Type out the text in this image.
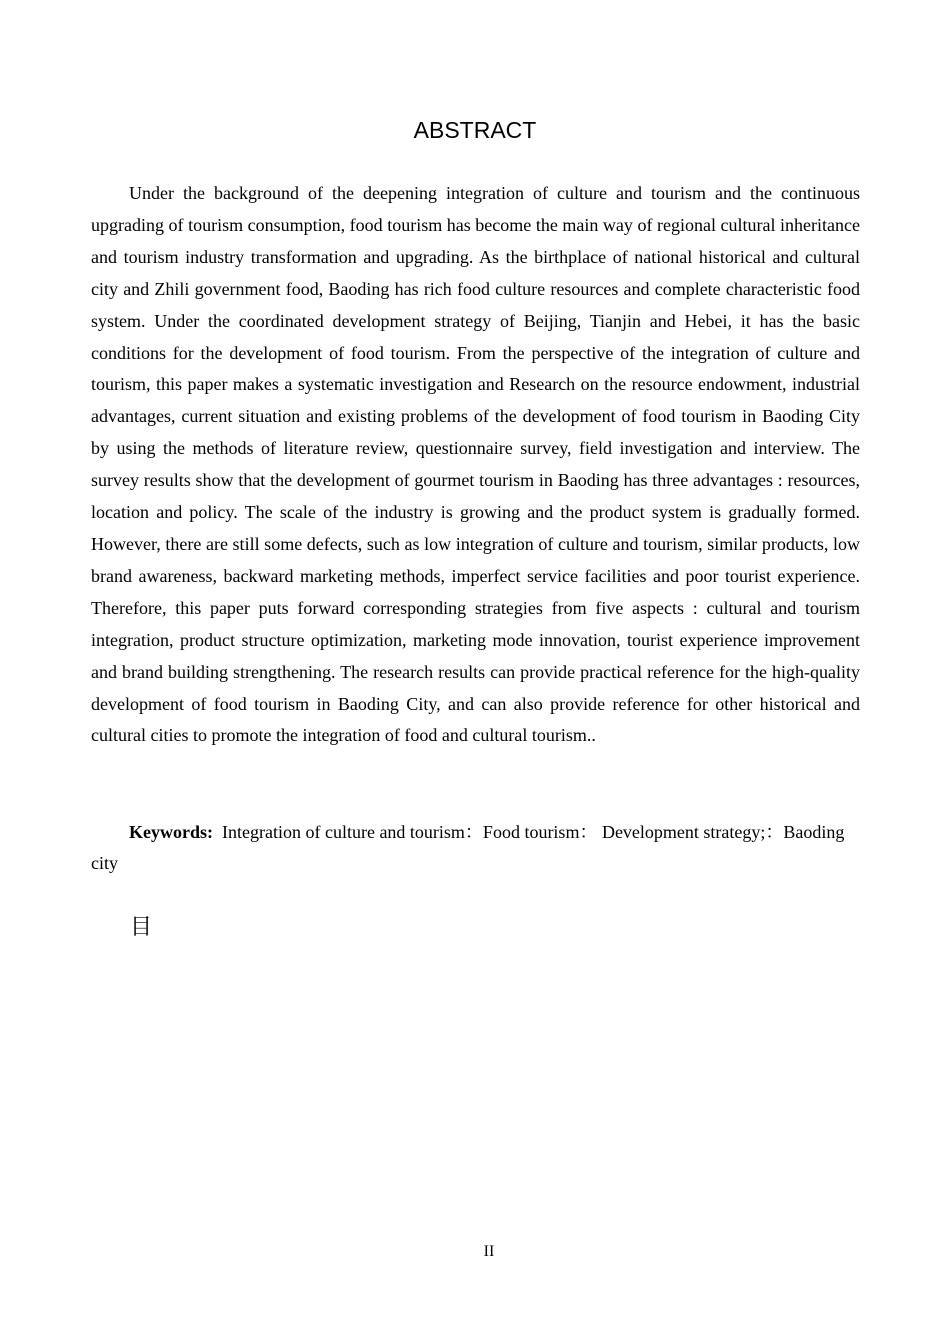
ABSTRACT

Under the background of the deepening integration of culture and tourism and the continuous upgrading of tourism consumption, food tourism has become the main way of regional cultural inheritance and tourism industry transformation and upgrading. As the birthplace of national historical and cultural city and Zhili government food, Baoding has rich food culture resources and complete characteristic food system. Under the coordinated development strategy of Beijing, Tianjin and Hebei, it has the basic conditions for the development of food tourism. From the perspective of the integration of culture and tourism, this paper makes a systematic investigation and Research on the resource endowment, industrial advantages, current situation and existing problems of the development of food tourism in Baoding City by using the methods of literature review, questionnaire survey, field investigation and interview. The survey results show that the development of gourmet tourism in Baoding has three advantages : resources, location and policy. The scale of the industry is growing and the product system is gradually formed. However, there are still some defects, such as low integration of culture and tourism, similar products, low brand awareness, backward marketing methods, imperfect service facilities and poor tourist experience. Therefore, this paper puts forward corresponding strategies from five aspects : cultural and tourism integration, product structure optimization, marketing mode innovation, tourist experience improvement and brand building strengthening. The research results can provide practical reference for the high-quality development of food tourism in Baoding City, and can also provide reference for other historical and cultural cities to promote the integration of food and cultural tourism..

Keywords: Integration of culture and tourism：Food tourism： Development strategy;：Baoding city

目
II
